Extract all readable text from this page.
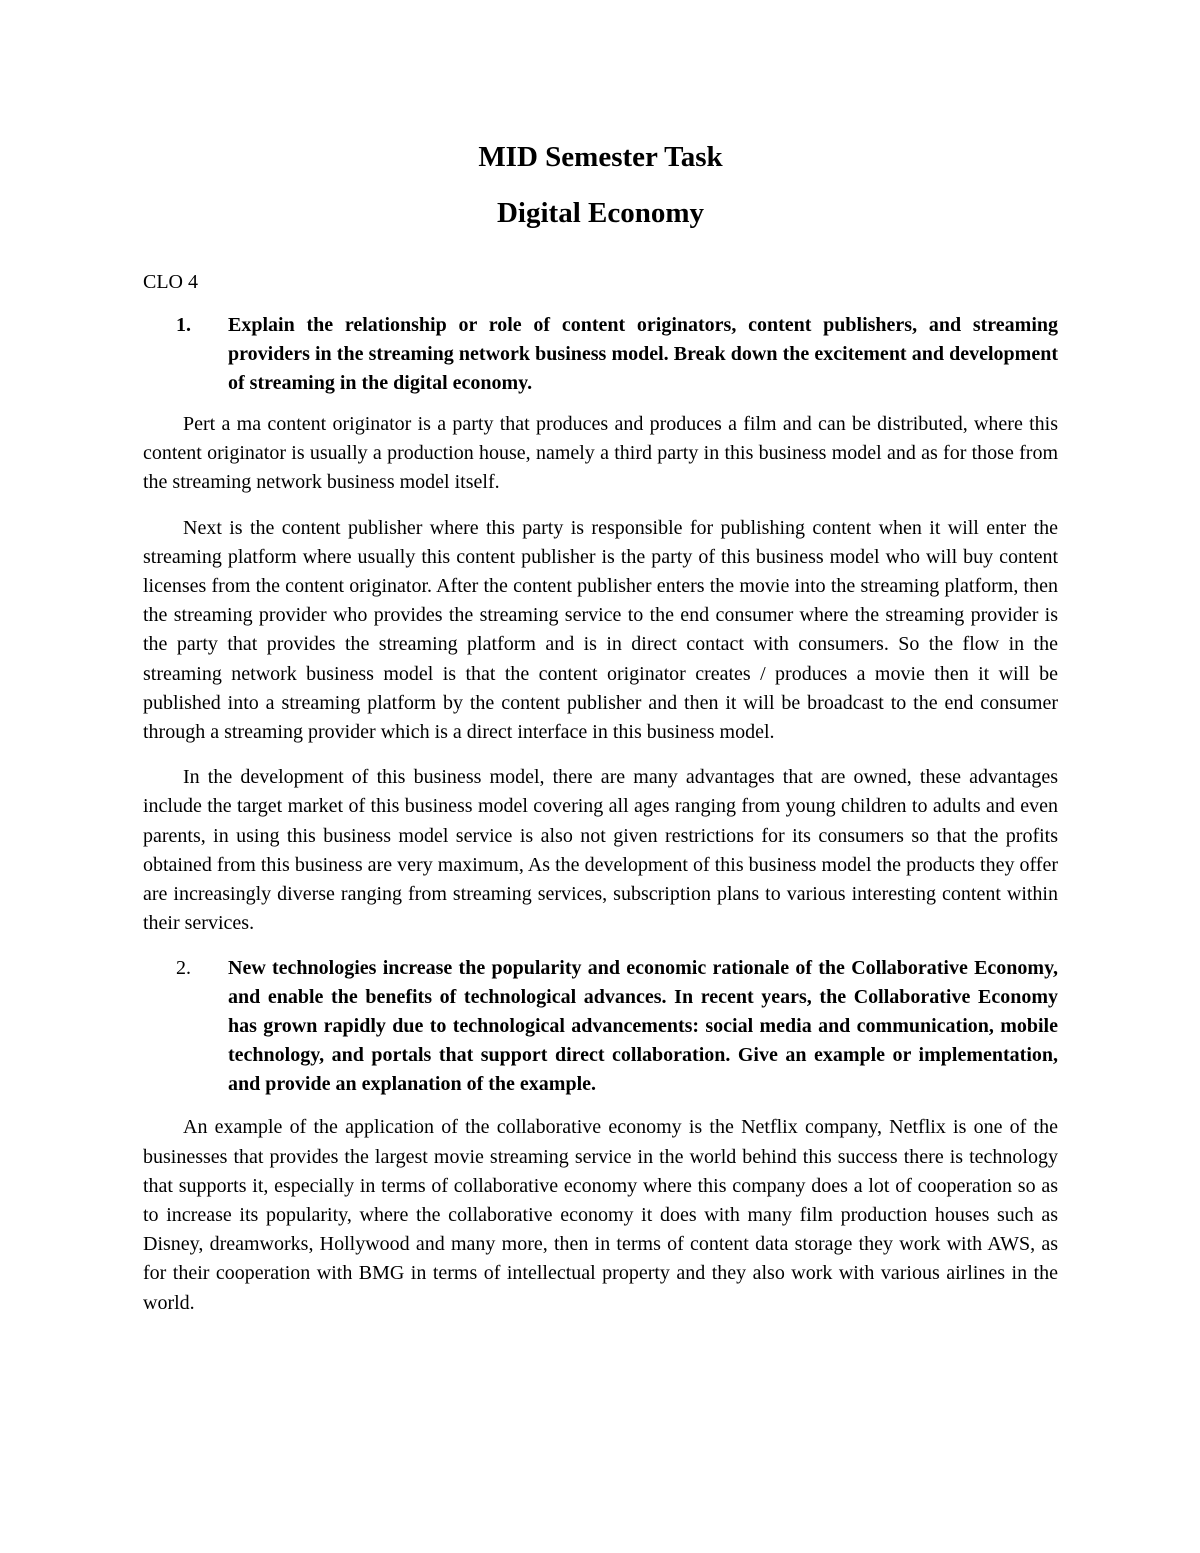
MID Semester Task
Digital Economy

CLO 4

1.	Explain the relationship or role of content originators, content publishers, and streaming providers in the streaming network business model. Break down the excitement and development of streaming in the digital economy.

Pert a ma content originator is a party that produces and produces a film and can be distributed, where this content originator is usually a production house, namely a third party in this business model and as for those from the streaming network business model itself.

Next is the content publisher where this party is responsible for publishing content when it will enter the streaming platform where usually this content publisher is the party of this business model who will buy content licenses from the content originator. After the content publisher enters the movie into the streaming platform, then the streaming provider who provides the streaming service to the end consumer where the streaming provider is the party that provides the streaming platform and is in direct contact with consumers. So the flow in the streaming network business model is that the content originator creates / produces a movie then it will be published into a streaming platform by the content publisher and then it will be broadcast to the end consumer through a streaming provider which is a direct interface in this business model.

In the development of this business model, there are many advantages that are owned, these advantages include the target market of this business model covering all ages ranging from young children to adults and even parents, in using this business model service is also not given restrictions for its consumers so that the profits obtained from this business are very maximum, As the development of this business model the products they offer are increasingly diverse ranging from streaming services, subscription plans to various interesting content within their services.

2.	New technologies increase the popularity and economic rationale of the Collaborative Economy, and enable the benefits of technological advances. In recent years, the Collaborative Economy has grown rapidly due to technological advancements: social media and communication, mobile technology, and portals that support direct collaboration. Give an example or implementation, and provide an explanation of the example.

An example of the application of the collaborative economy is the Netflix company, Netflix is one of the businesses that provides the largest movie streaming service in the world behind this success there is technology that supports it, especially in terms of collaborative economy where this company does a lot of cooperation so as to increase its popularity, where the collaborative economy it does with many film production houses such as Disney, dreamworks, Hollywood and many more, then in terms of content data storage they work with AWS, as for their cooperation with BMG in terms of intellectual property and they also work with various airlines in the world.
